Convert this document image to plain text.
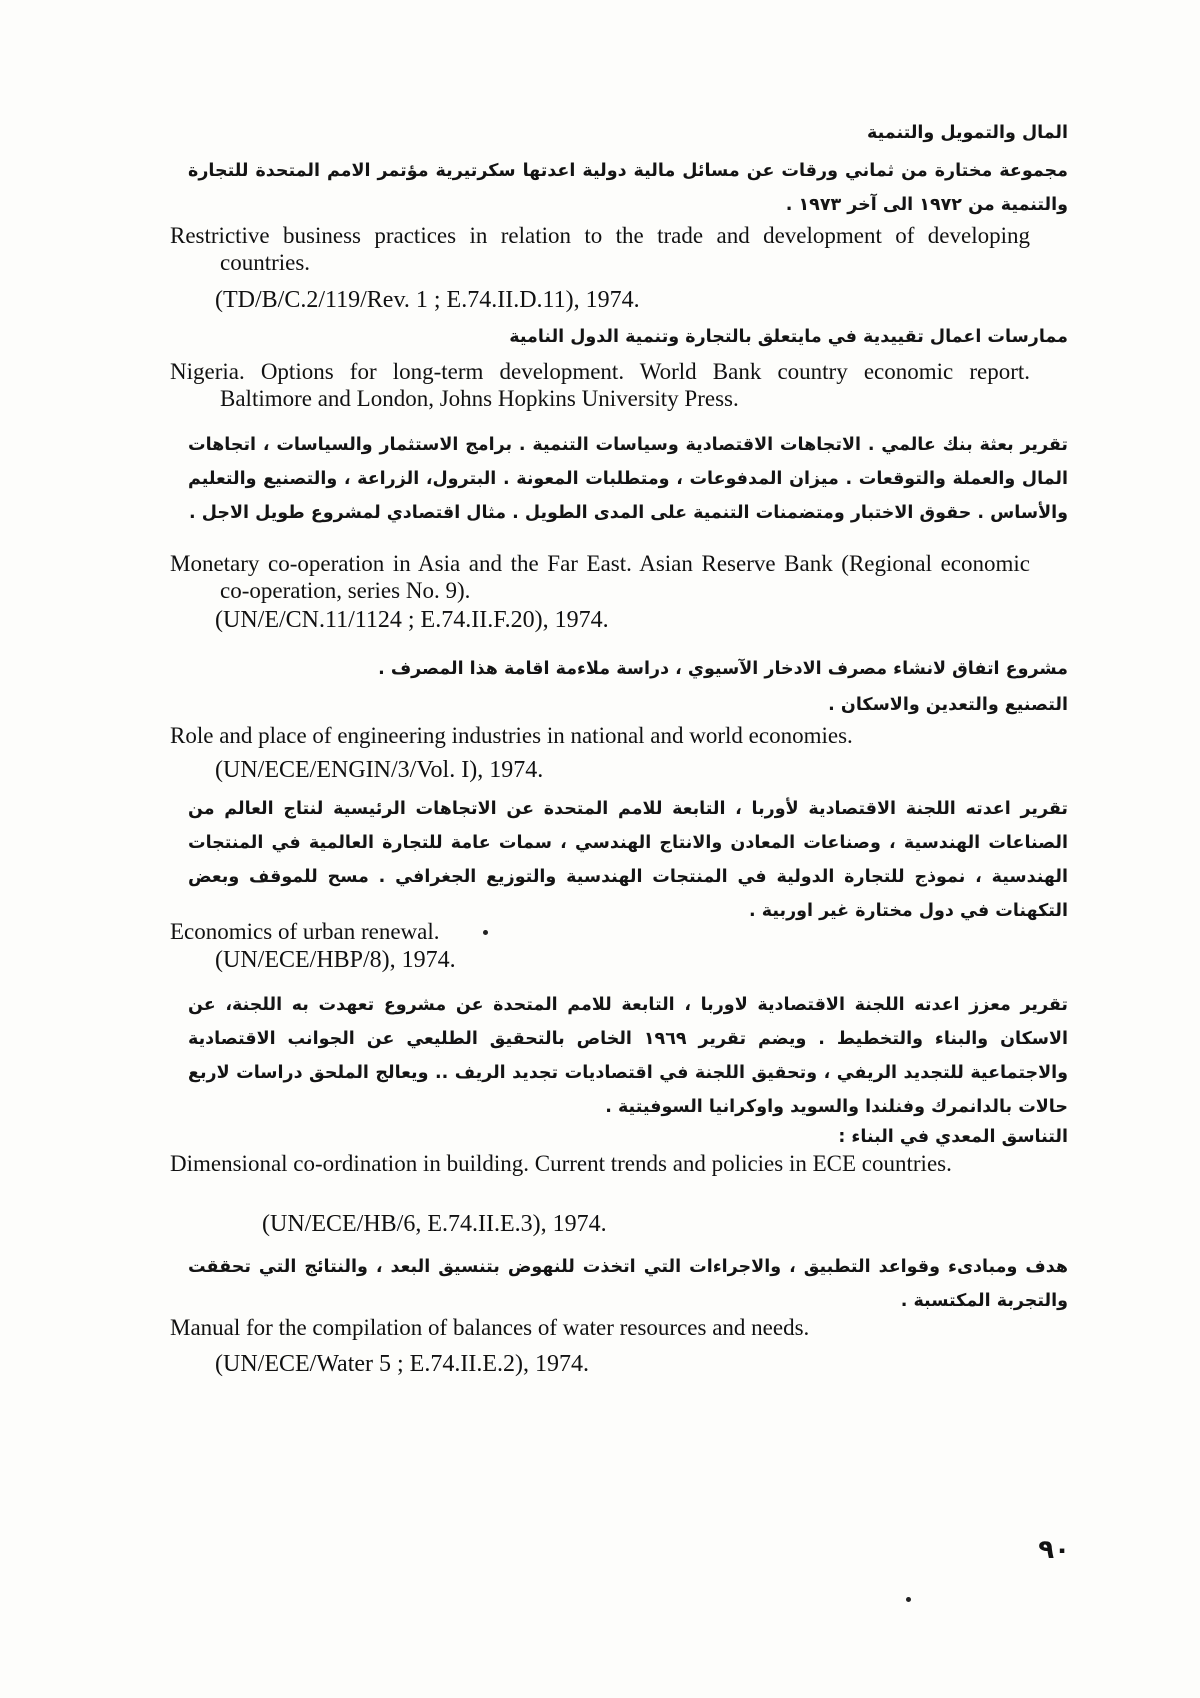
المال والتمويل والتنمية
مجموعة مختارة من ثماني ورقات عن مسائل مالية دولية اعدتها سكرتيرية مؤتمر الامم المتحدة للتجارة والتنمية من ١٩٧٢ الى آخر ١٩٧٣ .
Restrictive business practices in relation to the trade and development of developing countries.
(TD/B/C.2/119/Rev. 1 ; E.74.II.D.11), 1974.
ممارسات اعمال تقييدية في مايتعلق بالتجارة وتنمية الدول النامية
Nigeria. Options for long-term development. World Bank country economic report. Baltimore and London, Johns Hopkins University Press.
تقرير بعثة بنك عالمي . الاتجاهات الاقتصادية وسياسات التنمية . برامج الاستثمار والسياسات ، اتجاهات المال والعملة والتوقعات . ميزان المدفوعات ، ومتطلبات المعونة . البترول، الزراعة ، والتصنيع والتعليم والأساس . حقوق الاختبار ومتضمنات التنمية على المدى الطويل . مثال اقتصادي لمشروع طويل الاجل .
Monetary co-operation in Asia and the Far East. Asian Reserve Bank (Regional economic co-operation, series No. 9).
(UN/E/CN.11/1124 ; E.74.II.F.20), 1974.
مشروع اتفاق لانشاء مصرف الادخار الآسيوي ، دراسة ملاءمة اقامة هذا المصرف .
التصنيع والتعدين والاسكان .
Role and place of engineering industries in national and world economies.
(UN/ECE/ENGIN/3/Vol. I), 1974.
تقرير اعدته اللجنة الاقتصادية لأوربا ، التابعة للامم المتحدة عن الاتجاهات الرئيسية لنتاج العالم من الصناعات الهندسية ، وصناعات المعادن والانتاج الهندسي ، سمات عامة للتجارة العالمية في المنتجات الهندسية ، نموذج للتجارة الدولية في المنتجات الهندسية والتوزيع الجغرافي . مسح للموقف وبعض التكهنات في دول مختارة غير اوربية .
Economics of urban renewal.
(UN/ECE/HBP/8), 1974.
تقرير معزز اعدته اللجنة الاقتصادية لاوربا ، التابعة للامم المتحدة عن مشروع تعهدت به اللجنة، عن الاسكان والبناء والتخطيط . ويضم تقرير ١٩٦٩ الخاص بالتحقيق الطليعي عن الجوانب الاقتصادية والاجتماعية للتجديد الريفي ، وتحقيق اللجنة في اقتصاديات تجديد الريف .. ويعالج الملحق دراسات لاربع حالات بالدانمرك وفنلندا والسويد واوكرانيا السوفيتية .
التناسق المعدي في البناء :
Dimensional co-ordination in building. Current trends and policies in ECE countries.
(UN/ECE/HB/6, E.74.II.E.3), 1974.
هدف ومبادىء وقواعد التطبيق ، والاجراءات التي اتخذت للنهوض بتنسيق البعد ، والنتائج التي تحققت والتجربة المكتسبة .
Manual for the compilation of balances of water resources and needs.
(UN/ECE/Water 5 ; E.74.II.E.2), 1974.
٩٠
